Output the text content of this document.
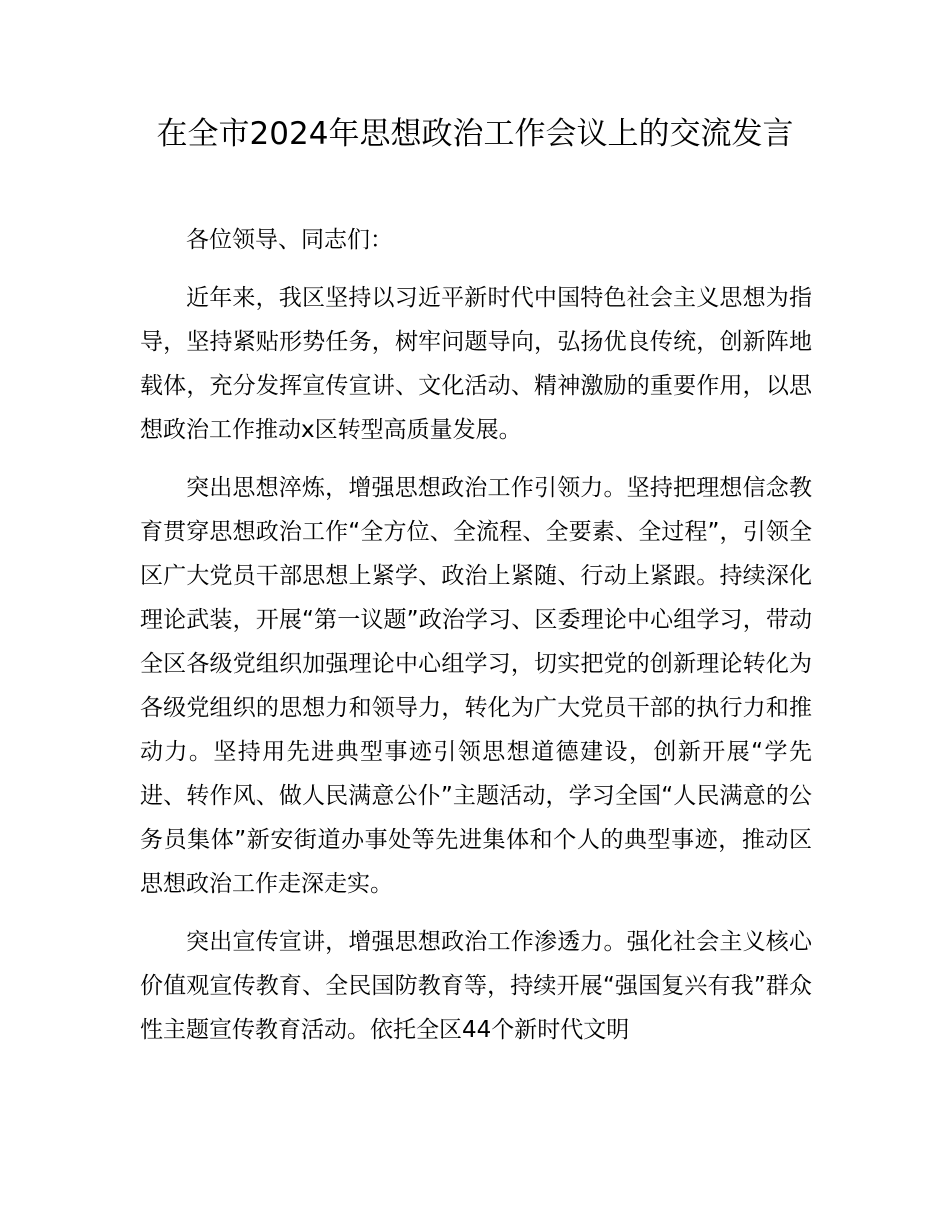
在全市2024年思想政治工作会议上的交流发言

各位领导、同志们：

近年来，我区坚持以习近平新时代中国特色社会主义思想为指导，坚持紧贴形势任务，树牢问题导向，弘扬优良传统，创新阵地载体，充分发挥宣传宣讲、文化活动、精神激励的重要作用，以思想政治工作推动x区转型高质量发展。

突出思想淬炼，增强思想政治工作引领力。坚持把理想信念教育贯穿思想政治工作“全方位、全流程、全要素、全过程”，引领全区广大党员干部思想上紧学、政治上紧随、行动上紧跟。持续深化理论武装，开展“第一议题”政治学习、区委理论中心组学习，带动全区各级党组织加强理论中心组学习，切实把党的创新理论转化为各级党组织的思想力和领导力，转化为广大党员干部的执行力和推动力。坚持用先进典型事迹引领思想道德建设，创新开展“学先进、转作风、做人民满意公仆”主题活动，学习全国“人民满意的公务员集体”新安街道办事处等先进集体和个人的典型事迹，推动区思想政治工作走深走实。

突出宣传宣讲，增强思想政治工作渗透力。强化社会主义核心价值观宣传教育、全民国防教育等，持续开展“强国复兴有我”群众性主题宣传教育活动。依托全区44个新时代文明
